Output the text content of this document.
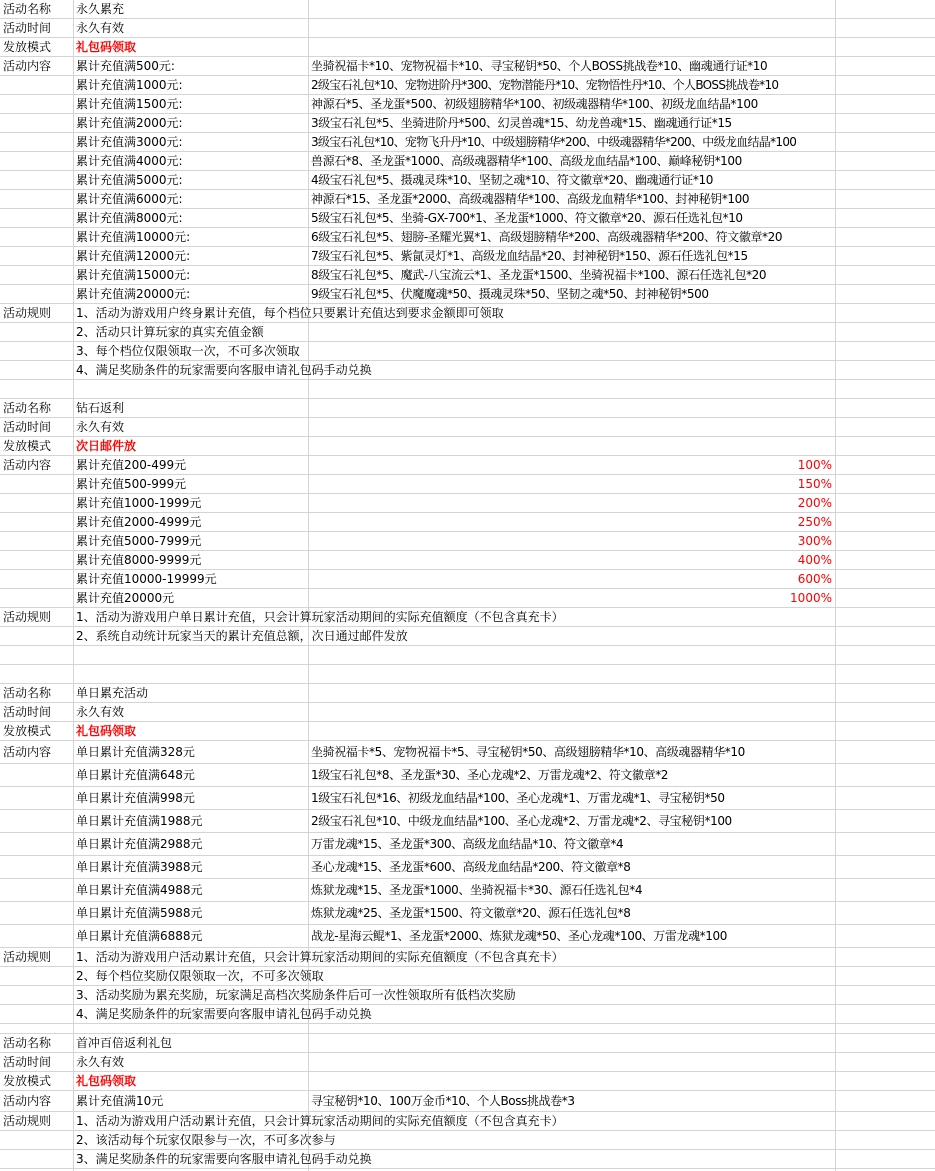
活动名称	永久累充
活动时间	永久有效
发放模式	礼包码领取
活动内容	累计充值满500元:	坐骑祝福卡*10、宠物祝福卡*10、寻宝秘钥*50、个人BOSS挑战卷*10、幽魂通行证*10
累计充值满1000元:	2级宝石礼包*10、宠物进阶丹*300、宠物潜能丹*10、宠物悟性丹*10、个人BOSS挑战卷*10
累计充值满1500元:	神源石*5、圣龙蛋*500、初级翅膀精华*100、初级魂器精华*100、初级龙血结晶*100
累计充值满2000元:	3级宝石礼包*5、坐骑进阶丹*500、幻灵兽魂*15、幼龙兽魂*15、幽魂通行证*15
累计充值满3000元:	3级宝石礼包*10、宠物飞升丹*10、中级翅膀精华*200、中级魂器精华*200、中级龙血结晶*100
累计充值满4000元:	兽源石*8、圣龙蛋*1000、高级魂器精华*100、高级龙血结晶*100、巅峰秘钥*100
累计充值满5000元:	4级宝石礼包*5、摄魂灵珠*10、坚韧之魂*10、符文徽章*20、幽魂通行证*10
累计充值满6000元:	神源石*15、圣龙蛋*2000、高级魂器精华*100、高级龙血精华*100、封神秘钥*100
累计充值满8000元:	5级宝石礼包*5、坐骑-GX-700*1、圣龙蛋*1000、符文徽章*20、源石任选礼包*10
累计充值满10000元:	6级宝石礼包*5、翅膀-圣耀光翼*1、高级翅膀精华*200、高级魂器精华*200、符文徽章*20
累计充值满12000元:	7级宝石礼包*5、紫氤灵灯*1、高级龙血结晶*20、封神秘钥*150、源石任选礼包*15
累计充值满15000元:	8级宝石礼包*5、魔武-八宝流云*1、圣龙蛋*1500、坐骑祝福卡*100、源石任选礼包*20
累计充值满20000元:	9级宝石礼包*5、伏魔魔魂*50、摄魂灵珠*50、坚韧之魂*50、封神秘钥*500
活动规则	1、活动为游戏用户终身累计充值，每个档位只要累计充值达到要求金额即可领取
2、活动只计算玩家的真实充值金额
3、每个档位仅限领取一次，不可多次领取
4、满足奖励条件的玩家需要向客服申请礼包码手动兑换
活动名称	钻石返利
活动时间	永久有效
发放模式	次日邮件放
活动内容	累计充值200-499元	100%
累计充值500-999元	150%
累计充值1000-1999元	200%
累计充值2000-4999元	250%
累计充值5000-7999元	300%
累计充值8000-9999元	400%
累计充值10000-19999元	600%
累计充值20000元	1000%
活动规则	1、活动为游戏用户单日累计充值，只会计算玩家活动期间的实际充值额度（不包含真充卡）
2、系统自动统计玩家当天的累计充值总额，次日通过邮件发放
活动名称	单日累充活动
活动时间	永久有效
发放模式	礼包码领取
活动内容	单日累计充值满328元	坐骑祝福卡*5、宠物祝福卡*5、寻宝秘钥*50、高级翅膀精华*10、高级魂器精华*10
单日累计充值满648元	1级宝石礼包*8、圣龙蛋*30、圣心龙魂*2、万雷龙魂*2、符文徽章*2
单日累计充值满998元	1级宝石礼包*16、初级龙血结晶*100、圣心龙魂*1、万雷龙魂*1、寻宝秘钥*50
单日累计充值满1988元	2级宝石礼包*10、中级龙血结晶*100、圣心龙魂*2、万雷龙魂*2、寻宝秘钥*100
单日累计充值满2988元	万雷龙魂*15、圣龙蛋*300、高级龙血结晶*10、符文徽章*4
单日累计充值满3988元	圣心龙魂*15、圣龙蛋*600、高级龙血结晶*200、符文徽章*8
单日累计充值满4988元	炼狱龙魂*15、圣龙蛋*1000、坐骑祝福卡*30、源石任选礼包*4
单日累计充值满5988元	炼狱龙魂*25、圣龙蛋*1500、符文徽章*20、源石任选礼包*8
单日累计充值满6888元	战龙-星海云鲲*1、圣龙蛋*2000、炼狱龙魂*50、圣心龙魂*100、万雷龙魂*100
活动规则	1、活动为游戏用户活动累计充值，只会计算玩家活动期间的实际充值额度（不包含真充卡）
2、每个档位奖励仅限领取一次，不可多次领取
3、活动奖励为累充奖励，玩家满足高档次奖励条件后可一次性领取所有低档次奖励
4、满足奖励条件的玩家需要向客服申请礼包码手动兑换
活动名称	首冲百倍返利礼包
活动时间	永久有效
发放模式	礼包码领取
活动内容	累计充值满10元	寻宝秘钥*10、100万金币*10、个人Boss挑战卷*3
活动规则	1、活动为游戏用户活动累计充值，只会计算玩家活动期间的实际充值额度（不包含真充卡）
2、该活动每个玩家仅限参与一次，不可多次参与
3、满足奖励条件的玩家需要向客服申请礼包码手动兑换
